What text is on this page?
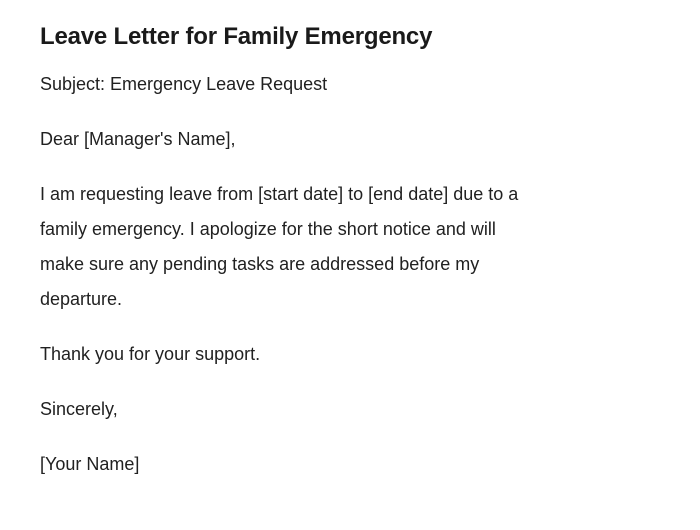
Leave Letter for Family Emergency

Subject: Emergency Leave Request

Dear [Manager's Name],

I am requesting leave from [start date] to [end date] due to a
family emergency. I apologize for the short notice and will
make sure any pending tasks are addressed before my
departure.

Thank you for your support.

Sincerely,

[Your Name]
